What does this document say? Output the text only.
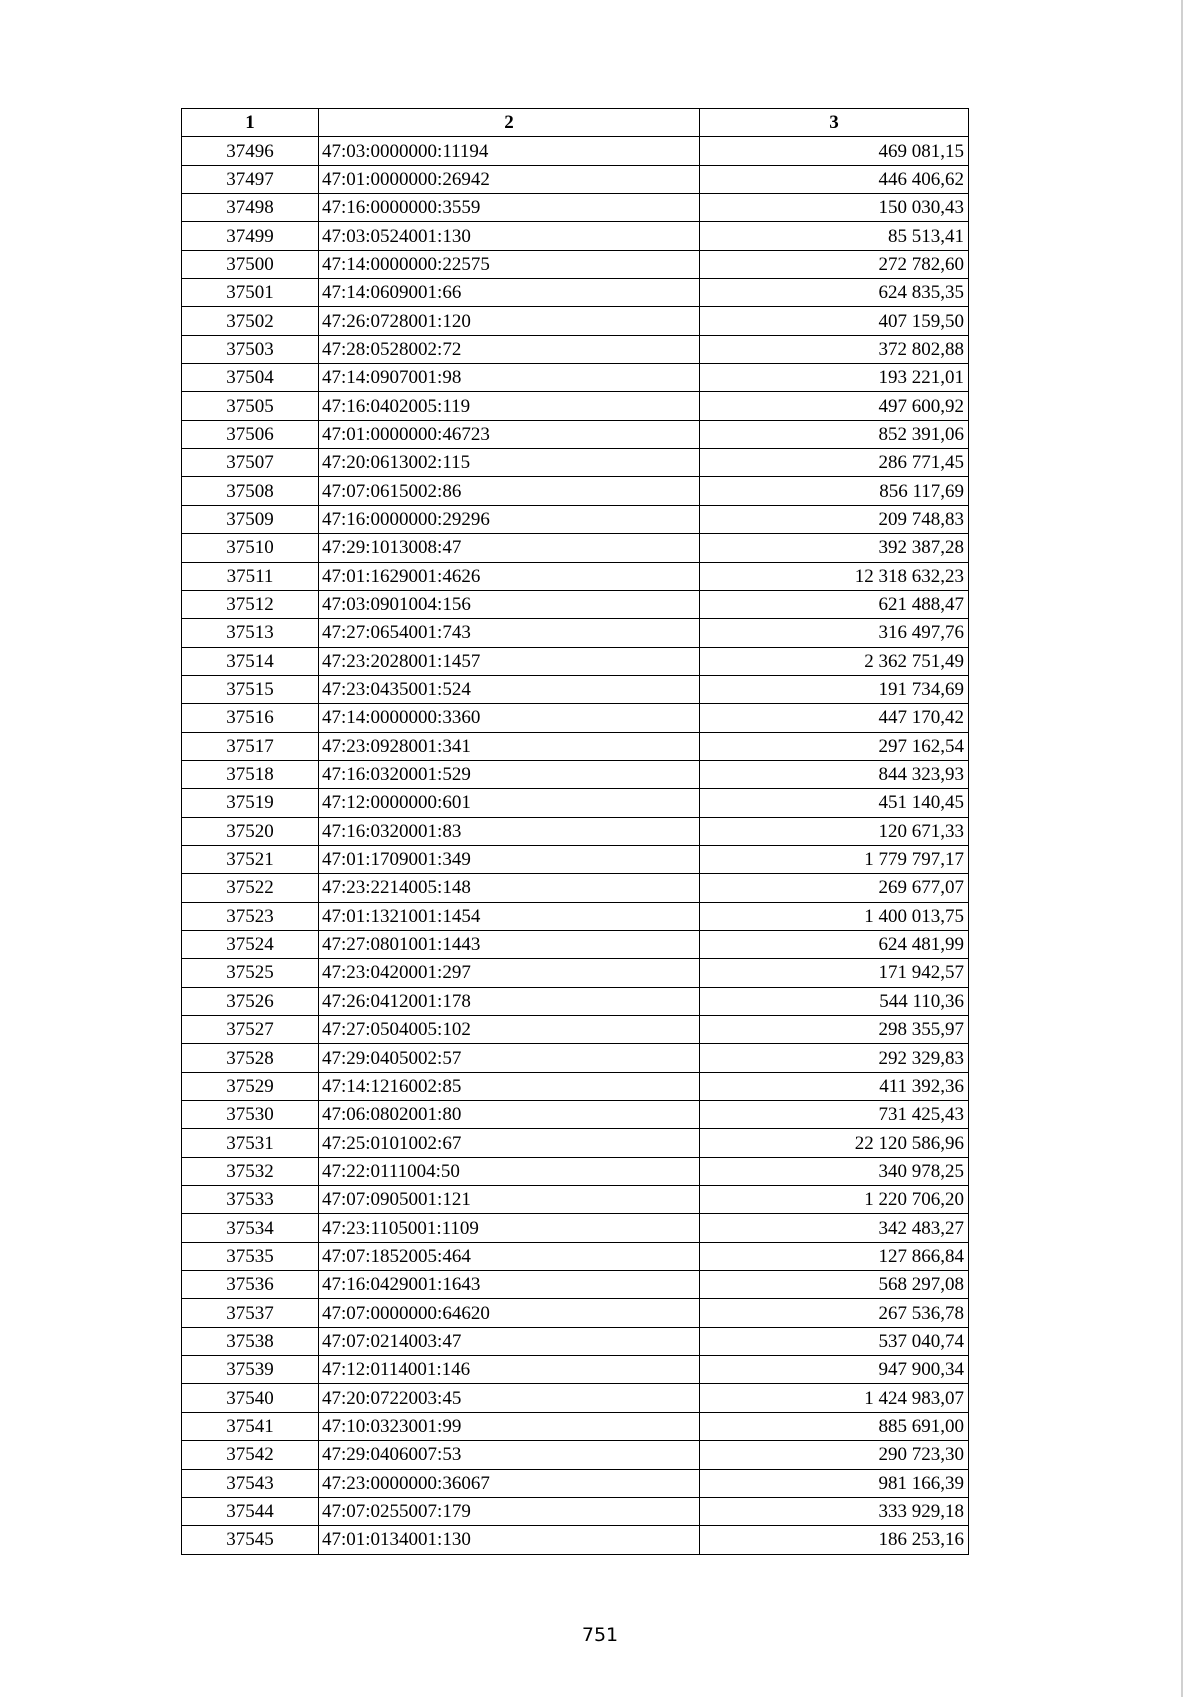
1	2	3
37496	47:03:0000000:11194	469 081,15
37497	47:01:0000000:26942	446 406,62
37498	47:16:0000000:3559	150 030,43
37499	47:03:0524001:130	85 513,41
37500	47:14:0000000:22575	272 782,60
37501	47:14:0609001:66	624 835,35
37502	47:26:0728001:120	407 159,50
37503	47:28:0528002:72	372 802,88
37504	47:14:0907001:98	193 221,01
37505	47:16:0402005:119	497 600,92
37506	47:01:0000000:46723	852 391,06
37507	47:20:0613002:115	286 771,45
37508	47:07:0615002:86	856 117,69
37509	47:16:0000000:29296	209 748,83
37510	47:29:1013008:47	392 387,28
37511	47:01:1629001:4626	12 318 632,23
37512	47:03:0901004:156	621 488,47
37513	47:27:0654001:743	316 497,76
37514	47:23:2028001:1457	2 362 751,49
37515	47:23:0435001:524	191 734,69
37516	47:14:0000000:3360	447 170,42
37517	47:23:0928001:341	297 162,54
37518	47:16:0320001:529	844 323,93
37519	47:12:0000000:601	451 140,45
37520	47:16:0320001:83	120 671,33
37521	47:01:1709001:349	1 779 797,17
37522	47:23:2214005:148	269 677,07
37523	47:01:1321001:1454	1 400 013,75
37524	47:27:0801001:1443	624 481,99
37525	47:23:0420001:297	171 942,57
37526	47:26:0412001:178	544 110,36
37527	47:27:0504005:102	298 355,97
37528	47:29:0405002:57	292 329,83
37529	47:14:1216002:85	411 392,36
37530	47:06:0802001:80	731 425,43
37531	47:25:0101002:67	22 120 586,96
37532	47:22:0111004:50	340 978,25
37533	47:07:0905001:121	1 220 706,20
37534	47:23:1105001:1109	342 483,27
37535	47:07:1852005:464	127 866,84
37536	47:16:0429001:1643	568 297,08
37537	47:07:0000000:64620	267 536,78
37538	47:07:0214003:47	537 040,74
37539	47:12:0114001:146	947 900,34
37540	47:20:0722003:45	1 424 983,07
37541	47:10:0323001:99	885 691,00
37542	47:29:0406007:53	290 723,30
37543	47:23:0000000:36067	981 166,39
37544	47:07:0255007:179	333 929,18
37545	47:01:0134001:130	186 253,16
751
